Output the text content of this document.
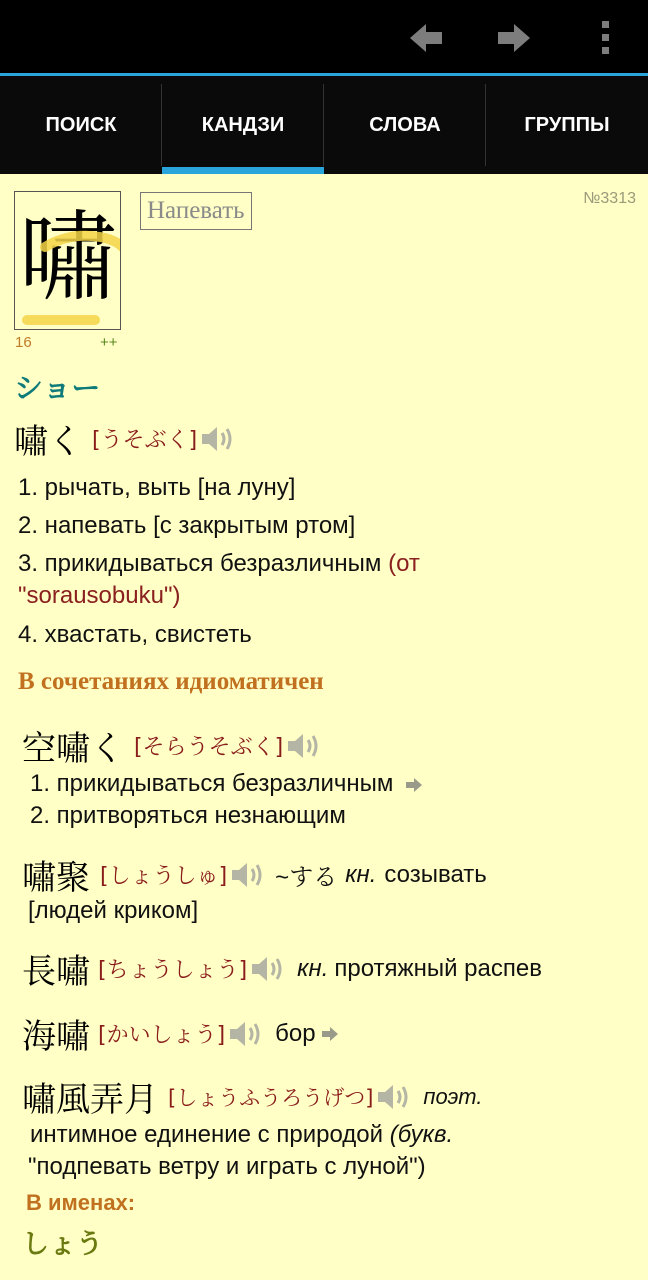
ПОИСК	КАНДЗИ	СЛОВА	ГРУППЫ
嘯
16	++
Напевать	№3313
ショー
嘯く [うそぶく]
1. рычать, выть [на луну]
2. напевать [с закрытым ртом]
3. прикидываться безразличным (от "sorausobuku")
4. хвастать, свистеть
В сочетаниях идиоматичен
空嘯く [そらうそぶく]
1. прикидываться безразличным
2. притворяться незнающим
嘯聚 [しょうしゅ] ~する кн. созывать
[людей криком]
長嘯 [ちょうしょう] кн. протяжный распев
海嘯 [かいしょう] бор
嘯風弄月 [しょうふうろうげつ] поэт.
интимное единение с природой (букв.
"подпевать ветру и играть с луной")
В именах:
しょう
